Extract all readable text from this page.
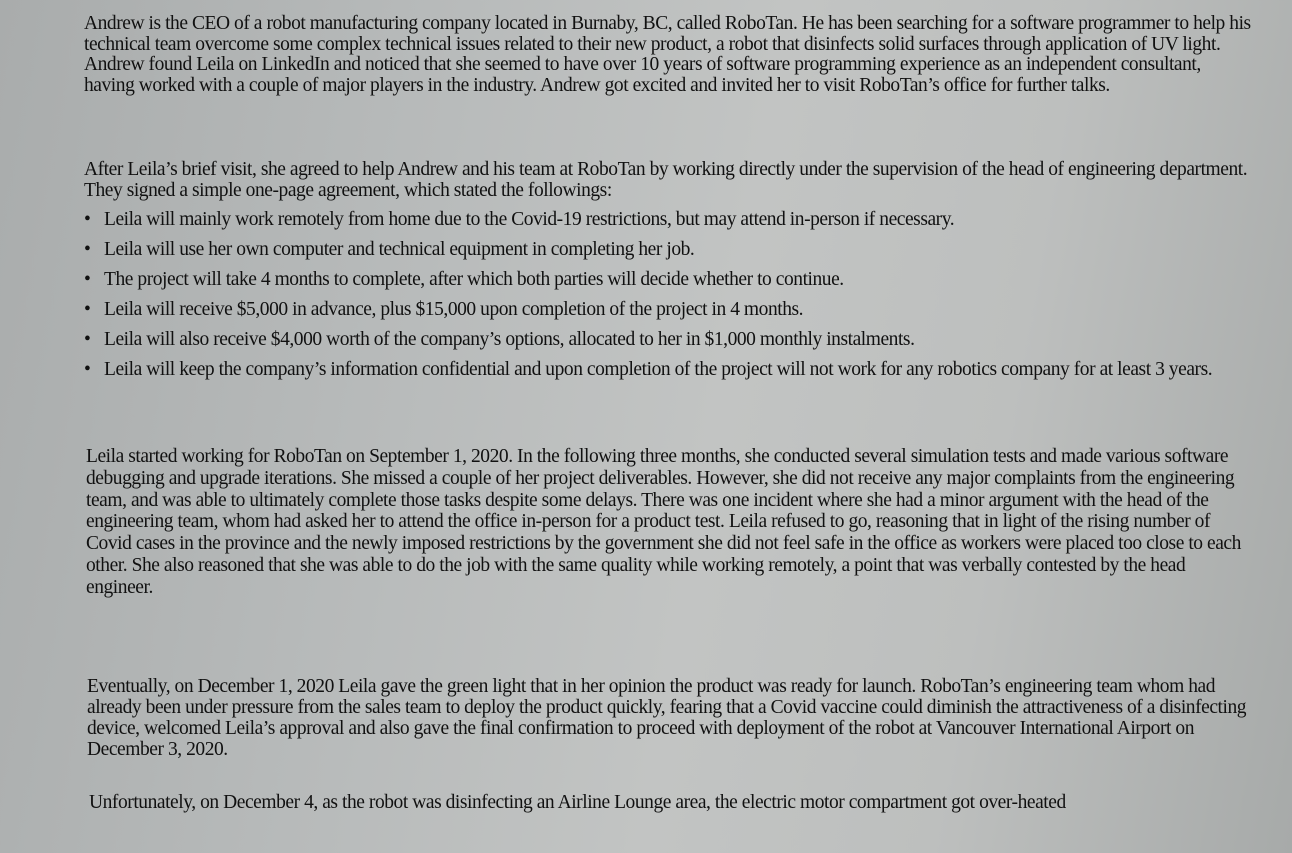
Andrew is the CEO of a robot manufacturing company located in Burnaby, BC, called RoboTan. He has been searching for a software programmer to help his technical team overcome some complex technical issues related to their new product, a robot that disinfects solid surfaces through application of UV light. Andrew found Leila on LinkedIn and noticed that she seemed to have over 10 years of software programming experience as an independent consultant, having worked with a couple of major players in the industry. Andrew got excited and invited her to visit RoboTan’s office for further talks.

After Leila’s brief visit, she agreed to help Andrew and his team at RoboTan by working directly under the supervision of the head of engineering department. They signed a simple one-page agreement, which stated the followings:

• Leila will mainly work remotely from home due to the Covid-19 restrictions, but may attend in-person if necessary.
• Leila will use her own computer and technical equipment in completing her job.
• The project will take 4 months to complete, after which both parties will decide whether to continue.
• Leila will receive $5,000 in advance, plus $15,000 upon completion of the project in 4 months.
• Leila will also receive $4,000 worth of the company’s options, allocated to her in $1,000 monthly instalments.
• Leila will keep the company’s information confidential and upon completion of the project will not work for any robotics company for at least 3 years.

Leila started working for RoboTan on September 1, 2020. In the following three months, she conducted several simulation tests and made various software debugging and upgrade iterations. She missed a couple of her project deliverables. However, she did not receive any major complaints from the engineering team, and was able to ultimately complete those tasks despite some delays. There was one incident where she had a minor argument with the head of the engineering team, whom had asked her to attend the office in-person for a product test. Leila refused to go, reasoning that in light of the rising number of Covid cases in the province and the newly imposed restrictions by the government she did not feel safe in the office as workers were placed too close to each other. She also reasoned that she was able to do the job with the same quality while working remotely, a point that was verbally contested by the head engineer.

Eventually, on December 1, 2020 Leila gave the green light that in her opinion the product was ready for launch. RoboTan’s engineering team whom had already been under pressure from the sales team to deploy the product quickly, fearing that a Covid vaccine could diminish the attractiveness of a disinfecting device, welcomed Leila’s approval and also gave the final confirmation to proceed with deployment of the robot at Vancouver International Airport on December 3, 2020.

Unfortunately, on December 4, as the robot was disinfecting an Airline Lounge area, the electric motor compartment got over-heated
